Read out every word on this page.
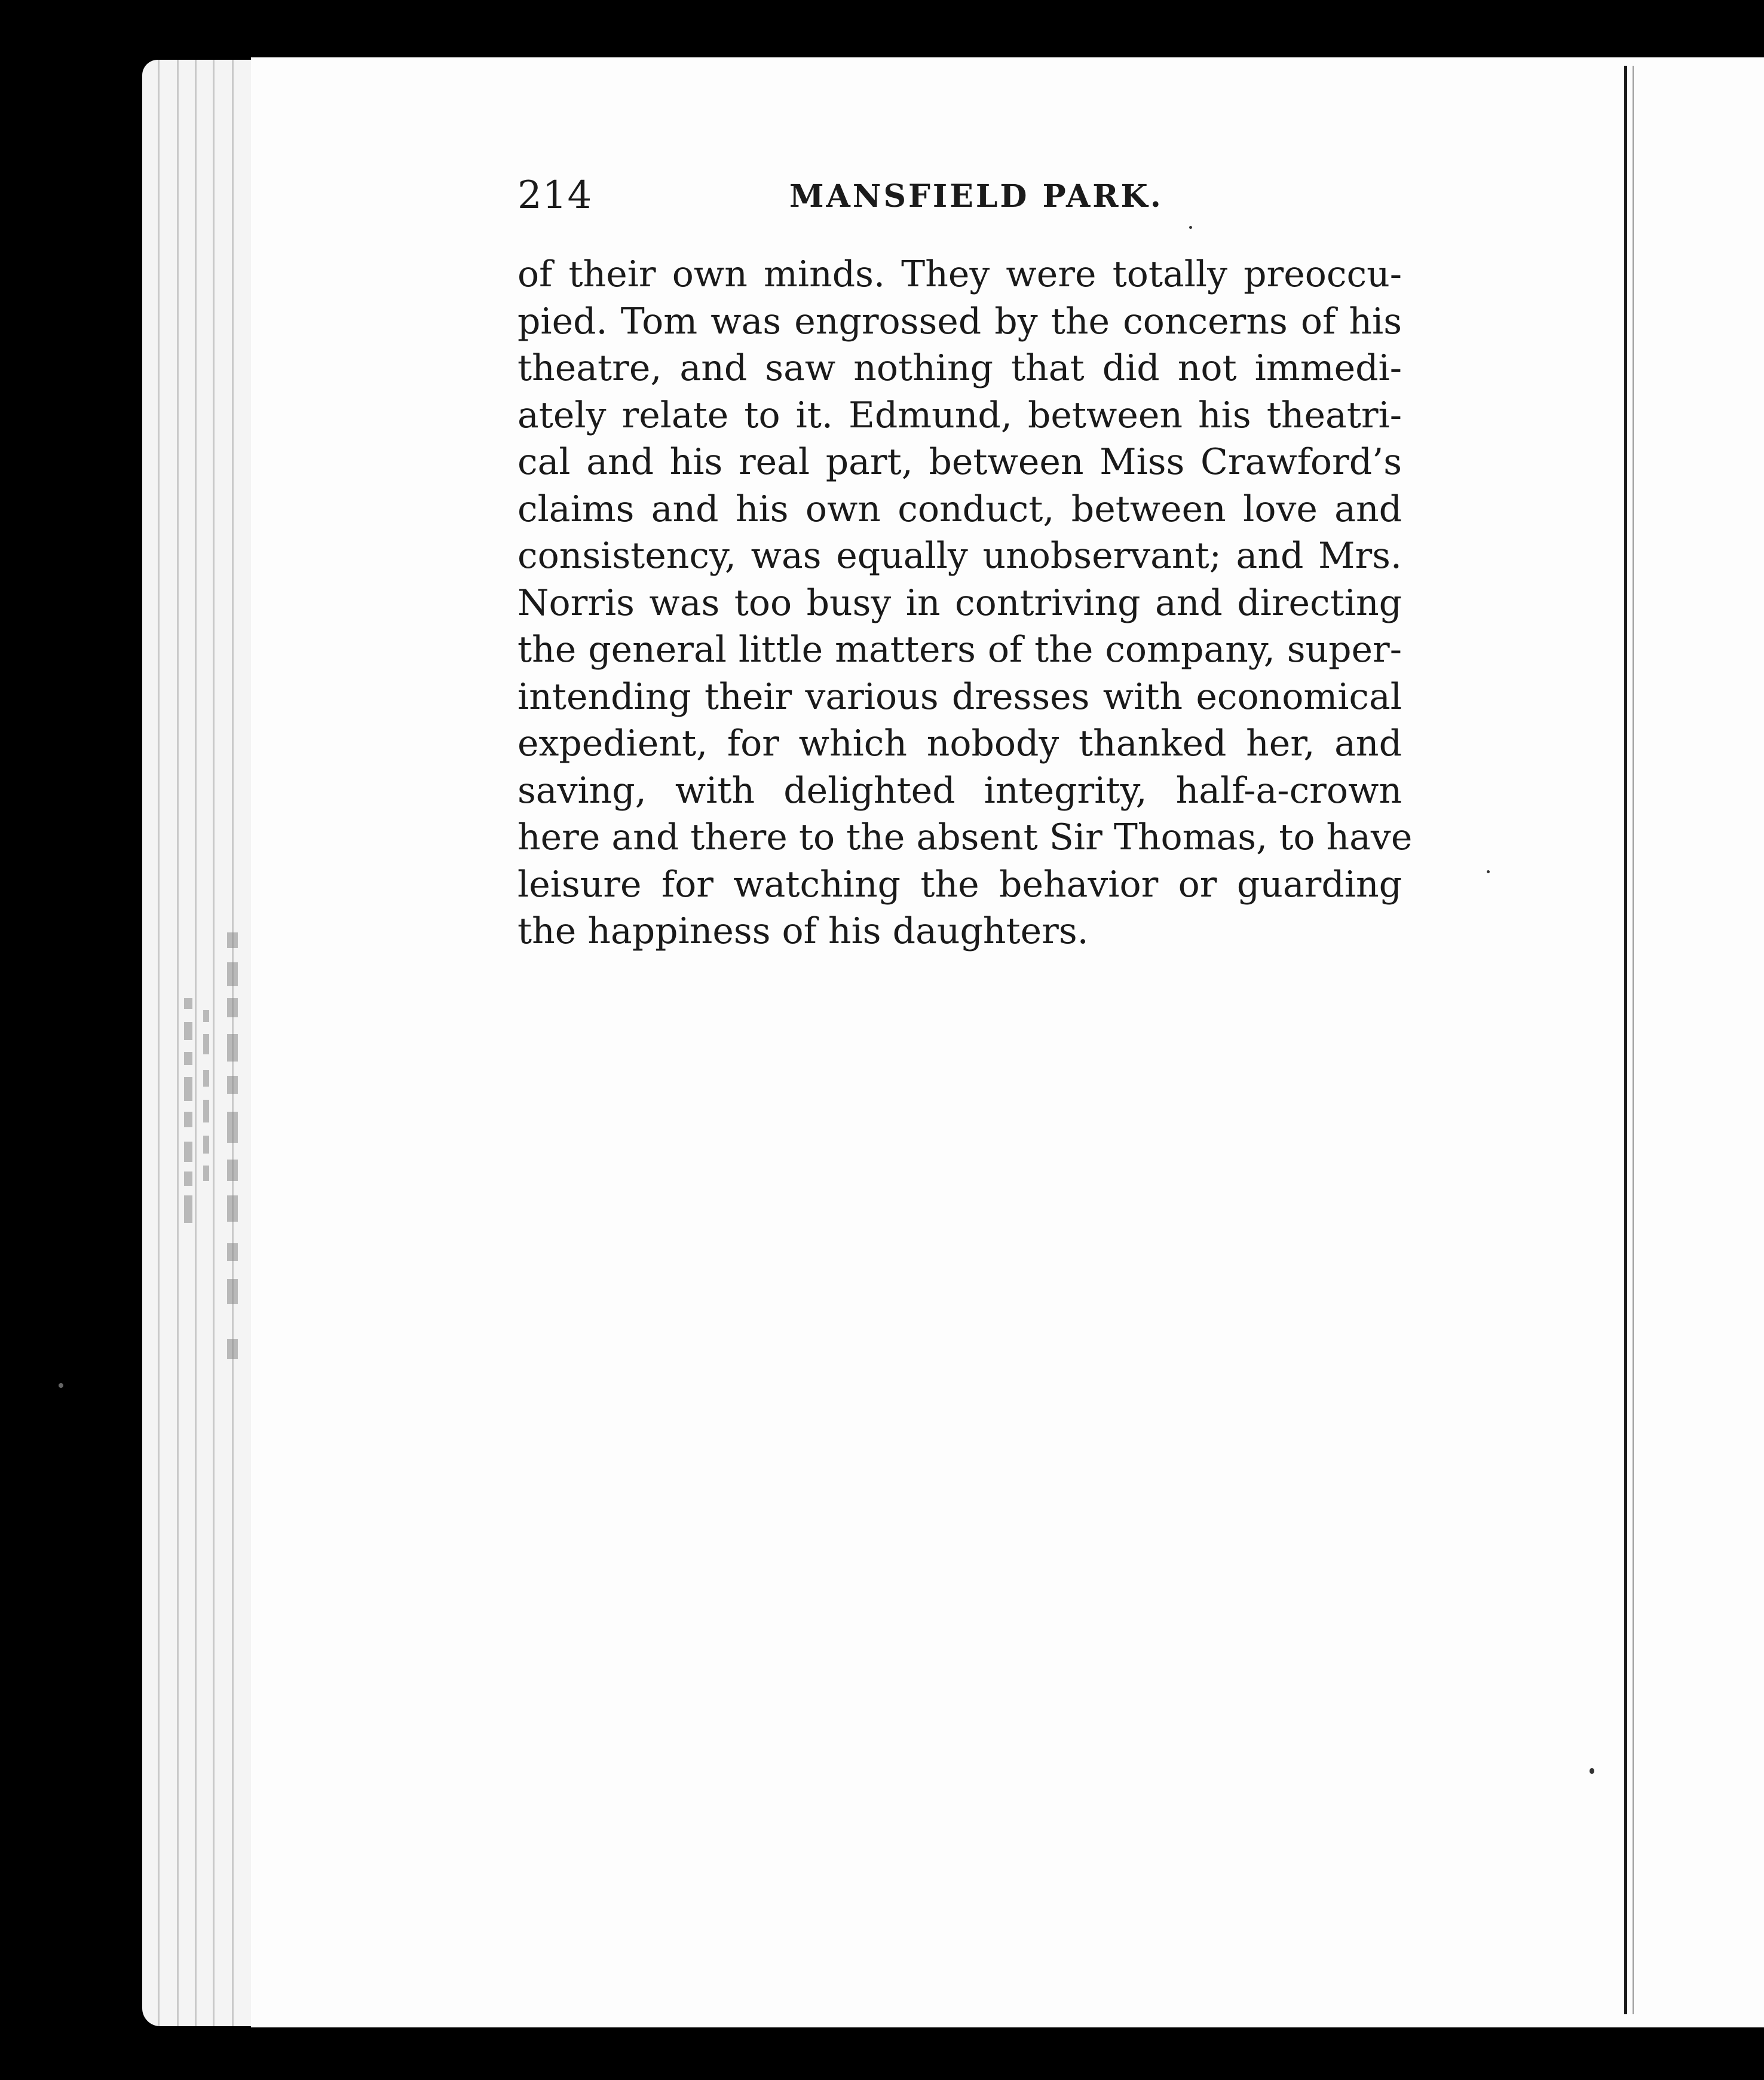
214	MANSFIELD PARK.
of their own minds. They were totally preoccu-
pied. Tom was engrossed by the concerns of his
theatre, and saw nothing that did not immedi-
ately relate to it. Edmund, between his theatri-
cal and his real part, between Miss Crawford’s
claims and his own conduct, between love and
consistency, was equally unobservant; and Mrs.
Norris was too busy in contriving and directing
the general little matters of the company, super-
intending their various dresses with economical
expedient, for which nobody thanked her, and
saving, with delighted integrity, half-a-crown
here and there to the absent Sir Thomas, to have
leisure for watching the behavior or guarding
the happiness of his daughters.
